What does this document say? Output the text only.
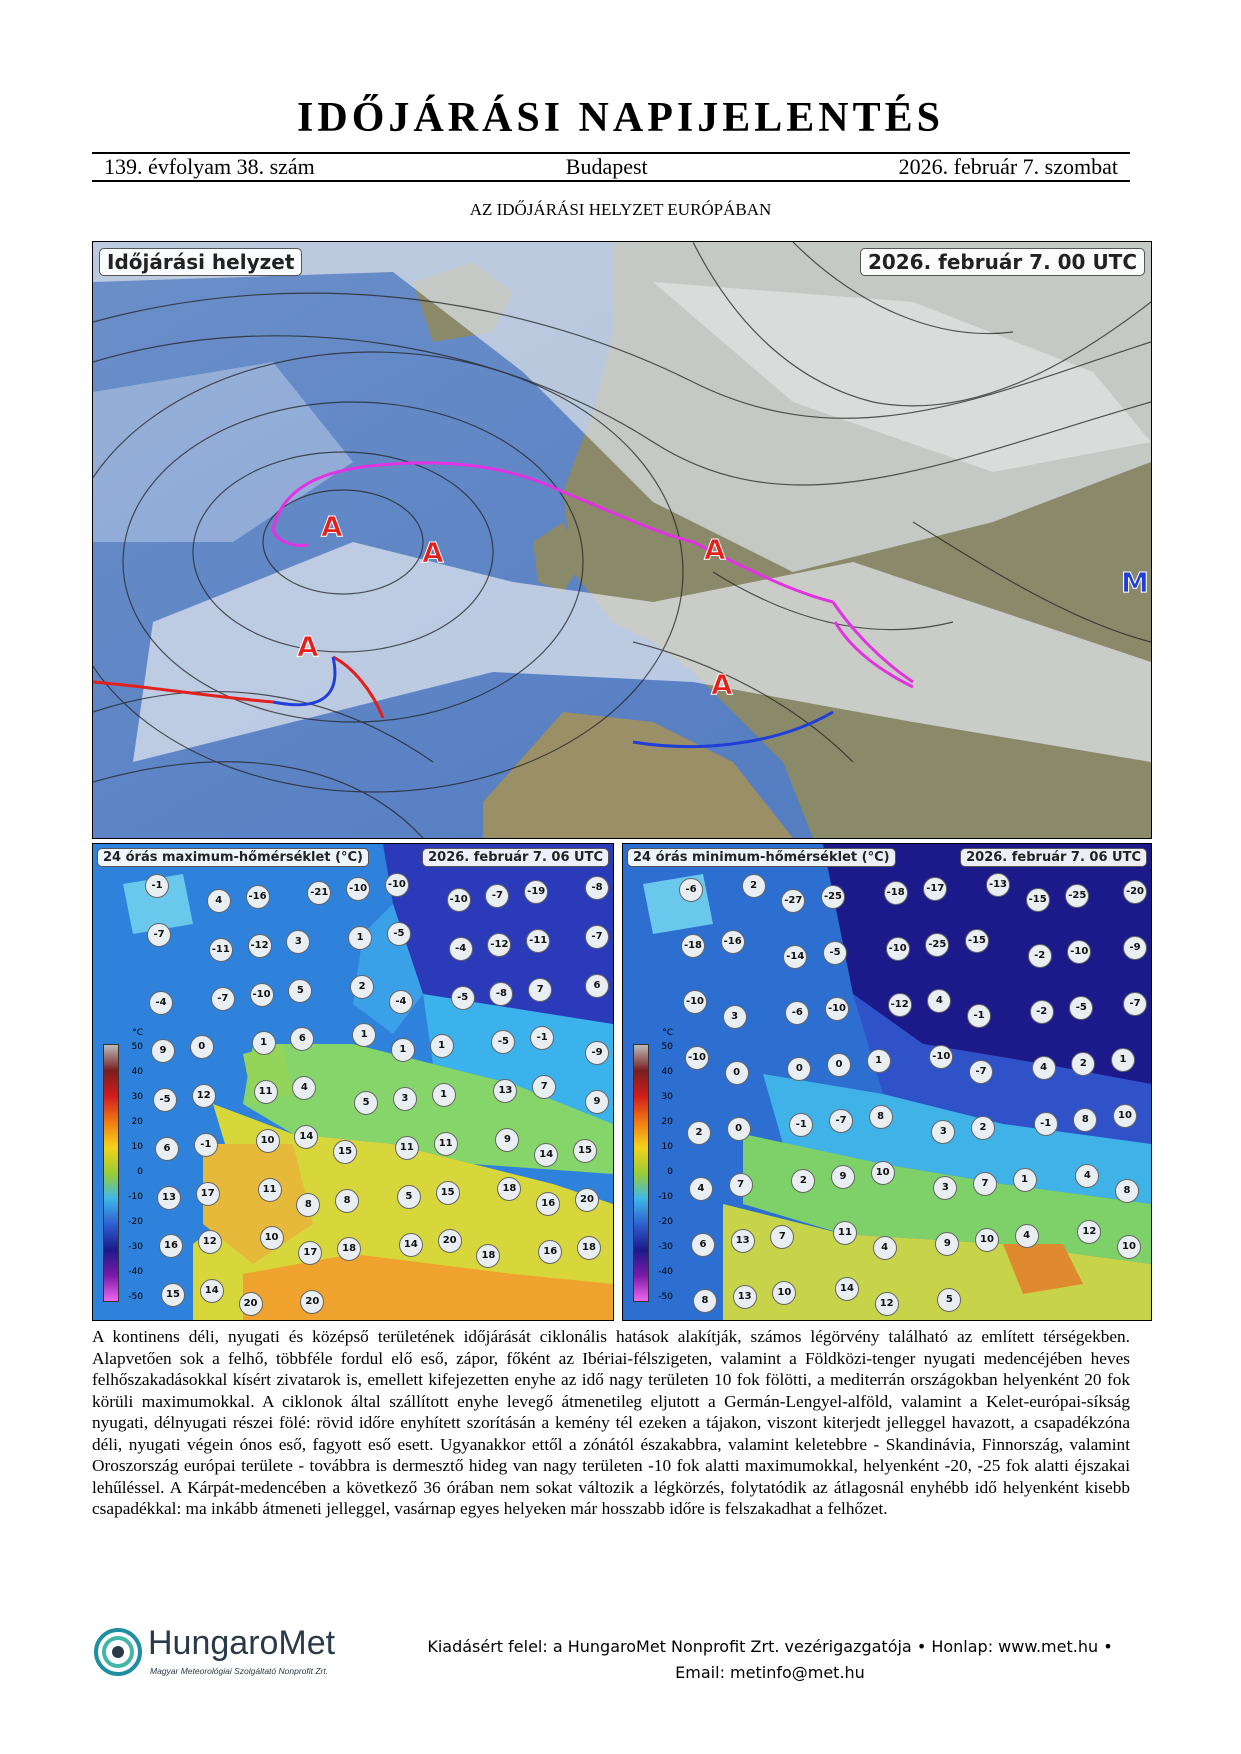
IDŐJÁRÁSI NAPIJELENTÉS
139. évfolyam 38. szám	Budapest	2026. február 7. szombat
AZ IDŐJÁRÁSI HELYZET EURÓPÁBAN
A
A	A
A
A
M
Időjárási helyzet	2026. február 7. 00 UTC
24 órás maximum-hőmérséklet (°C)	2026. február 7. 06 UTC
°C
50
40
30
20
10
0
-10
-20
-30
-40
-50
-1
4	-16	-21 -10 -10
-10	-7	-19	-8
-7
-11 -12	3	1	-5
-4	-12 -11	-7
-4	-7	-10	5	2
-4	-5	-8	7	6
9	0	1	6	1
1	1	-5	-1
-9
-5	12	11	4
5	3	1	13	7
9
6	-1	10	14
15	11	11	9
14	15
13	17	11
8	8	5	15	18
16	20
16	12	10
17	18	14	20
18	16	18
15	14
20	20
24 órás minimum-hőmérséklet (°C)	2026. február 7. 06 UTC
°C
50
40
30
20
10
0
-10
-20
-30
-40
-50
-6	2
-27 -25	-18 -17	-13
-15 -25	-20
-18 -16
-14	-5	-10 -25 -15
-2	-10	-9
-10
3	-6	-10	-12	4
-1	-2	-5	-7
-10
0	0	0	1	-10
-7	4	2	1
2	0	-1	-7	8
3	2	-1	8	10
4	7	2	9	10
3	7	1	4
8
6	13	7	11
4	9	10	4	12
10
8	13	10	14
12	5
A kontinens déli, nyugati és középső területének időjárását ciklonális hatások alakítják, számos légörvény található az említett térségekben. Alapvetően sok a felhő, többféle fordul elő eső, zápor, főként az Ibériai-félszigeten, valamint a Földközi-tenger nyugati medencéjében heves felhőszakadásokkal kísért zivatarok is, emellett kifejezetten enyhe az idő nagy területen 10 fok fölötti, a mediterrán országokban helyenként 20 fok körüli maximumokkal. A ciklonok által szállított enyhe levegő átmenetileg eljutott a Germán-Lengyel-alföld, valamint a Kelet-európai-síkság nyugati, délnyugati részei fölé: rövid időre enyhített szorításán a kemény tél ezeken a tájakon, viszont kiterjedt jelleggel havazott, a csapadékzóna déli, nyugati végein ónos eső, fagyott eső esett. Ugyanakkor ettől a zónától északabbra, valamint keletebbre - Skandinávia, Finnország, valamint Oroszország európai területe - továbbra is dermesztő hideg van nagy területen -10 fok alatti maximumokkal, helyenként -20, -25 fok alatti éjszakai lehűléssel. A Kárpát-medencében a következő 36 órában nem sokat változik a légkörzés, folytatódik az átlagosnál enyhébb idő helyenként kisebb csapadékkal: ma inkább átmeneti jelleggel, vasárnap egyes helyeken már hosszabb időre is felszakadhat a felhőzet.
HungaroMet
Magyar Meteorológiai Szolgáltató Nonprofit Zrt.
Kiadásért felel: a HungaroMet Nonprofit Zrt. vezérigazgatója • Honlap: www.met.hu •
Email: metinfo@met.hu
